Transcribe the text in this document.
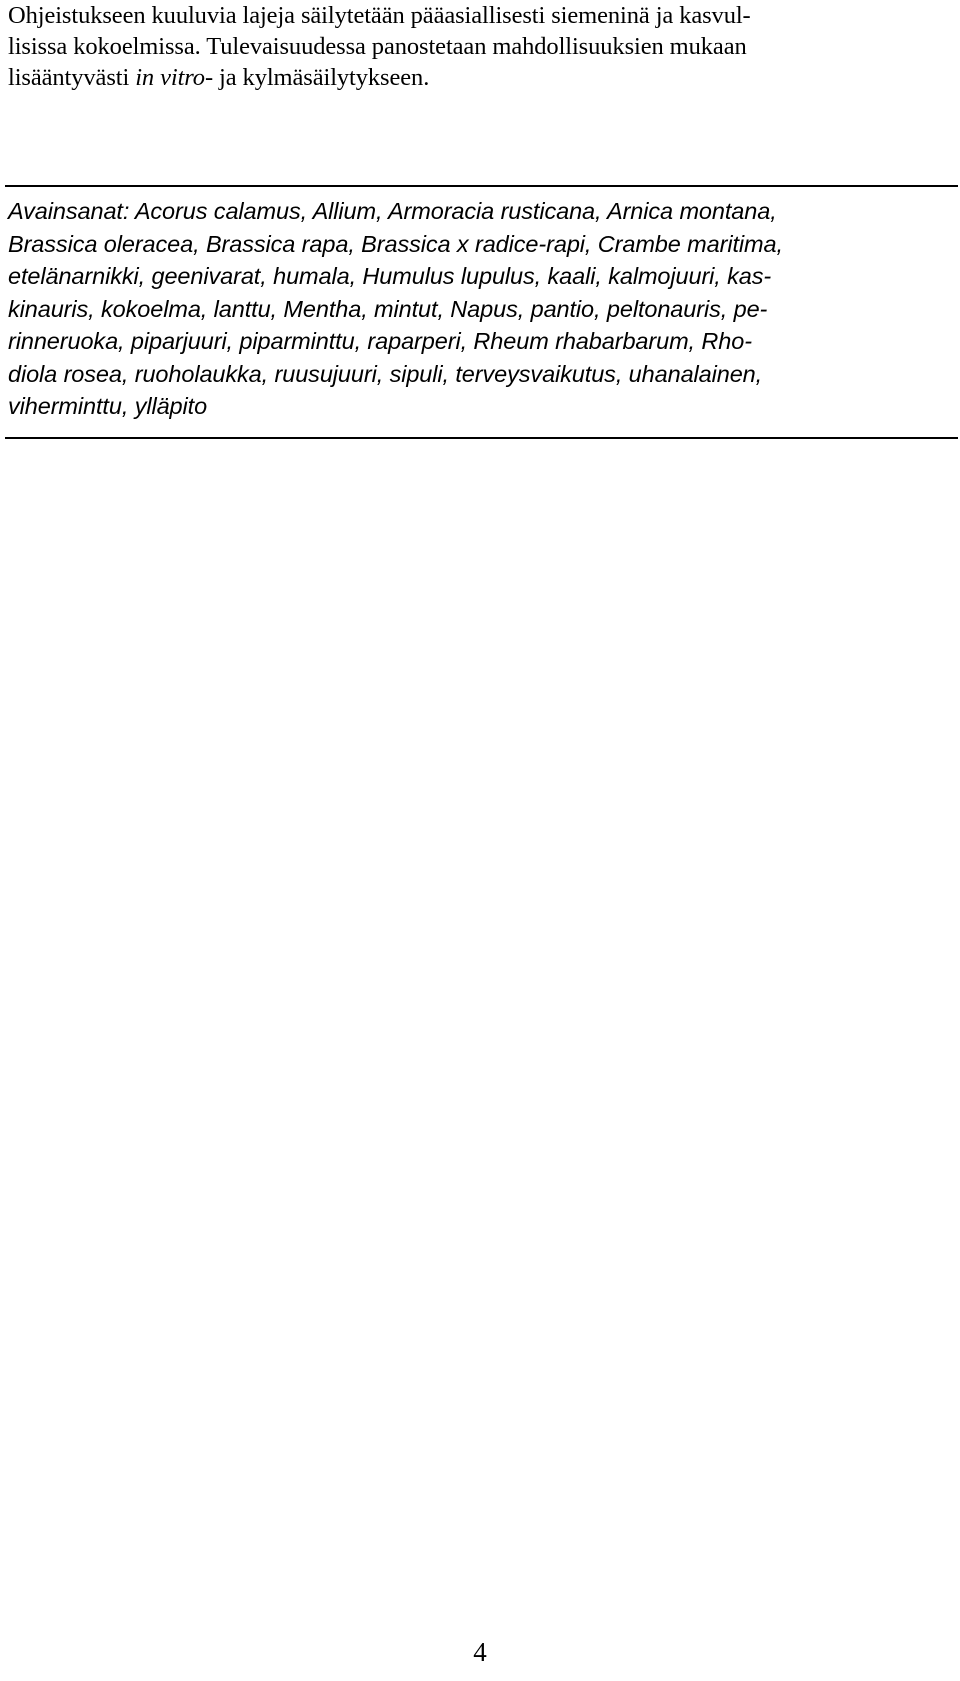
Ohjeistukseen kuuluvia lajeja säilytetään pääasiallisesti siemeninä ja kasvul-
lisissa kokoelmissa. Tulevaisuudessa panostetaan mahdollisuuksien mukaan
lisääntyvästi in vitro- ja kylmäsäilytykseen.
Avainsanat: Acorus calamus, Allium, Armoracia rusticana, Arnica montana,
Brassica oleracea, Brassica rapa, Brassica x radice-rapi, Crambe maritima,
etelänarnikki, geenivarat, humala, Humulus lupulus, kaali, kalmojuuri, kas-
kinauris, kokoelma, lanttu, Mentha, mintut, Napus, pantio, peltonauris, pe-
rinneruoka, piparjuuri, piparminttu, raparperi, Rheum rhabarbarum, Rho-
diola rosea, ruoholaukka, ruusujuuri, sipuli, terveysvaikutus, uhanalainen,
viherminttu, ylläpito
4
